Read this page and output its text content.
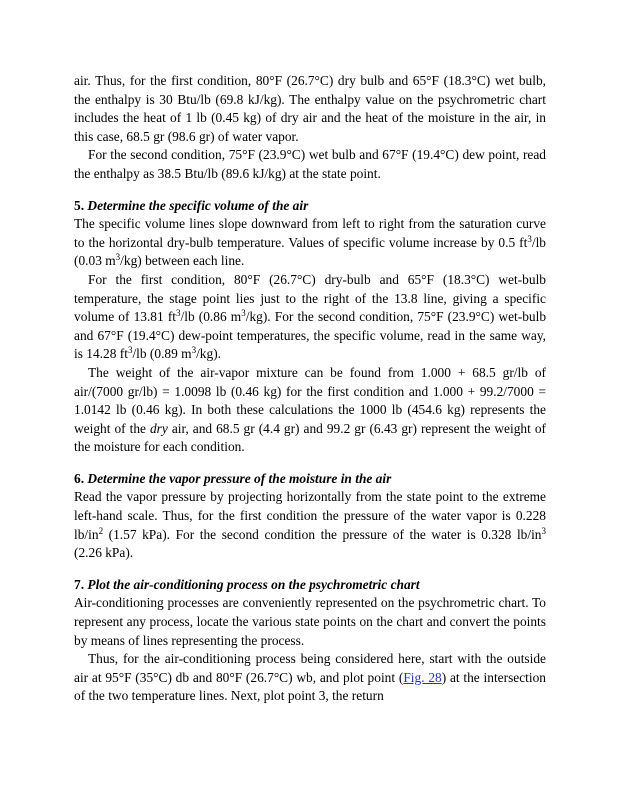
air. Thus, for the first condition, 80°F (26.7°C) dry bulb and 65°F (18.3°C) wet bulb, the enthalpy is 30 Btu/lb (69.8 kJ/kg). The enthalpy value on the psychrometric chart includes the heat of 1 lb (0.45 kg) of dry air and the heat of the moisture in the air, in this case, 68.5 gr (98.6 gr) of water vapor.

For the second condition, 75°F (23.9°C) wet bulb and 67°F (19.4°C) dew point, read the enthalpy as 38.5 Btu/lb (89.6 kJ/kg) at the state point.

5. Determine the specific volume of the air

The specific volume lines slope downward from left to right from the saturation curve to the horizontal dry-bulb temperature. Values of specific volume increase by 0.5 $ft^3/lb$ (0.03 $m^3/kg$) between each line.

For the first condition, 80°F (26.7°C) dry-bulb and 65°F (18.3°C) wet-bulb temperature, the stage point lies just to the right of the 13.8 line, giving a specific volume of 13.81 $ft^3/lb$ (0.86 $m^3/kg$). For the second condition, 75°F (23.9°C) wet-bulb and 67°F (19.4°C) dew-point temperatures, the specific volume, read in the same way, is 14.28 $ft^3/lb$ (0.89 $m^3/kg$).

The weight of the air-vapor mixture can be found from 1.000 + 68.5 gr/lb of air/(7000 gr/lb) = 1.0098 lb (0.46 kg) for the first condition and 1.000 + 99.2/7000 = 1.0142 lb (0.46 kg). In both these calculations the 1000 lb (454.6 kg) represents the weight of the dry air, and 68.5 gr (4.4 gr) and 99.2 gr (6.43 gr) represent the weight of the moisture for each condition.

6. Determine the vapor pressure of the moisture in the air

Read the vapor pressure by projecting horizontally from the state point to the extreme left-hand scale. Thus, for the first condition the pressure of the water vapor is 0.228 $lb/in^2$ (1.57 kPa). For the second condition the pressure of the water is 0.328 $lb/in^3$ (2.26 kPa).

7. Plot the air-conditioning process on the psychrometric chart

Air-conditioning processes are conveniently represented on the psychrometric chart. To represent any process, locate the various state points on the chart and convert the points by means of lines representing the process.

Thus, for the air-conditioning process being considered here, start with the outside air at 95°F (35°C) db and 80°F (26.7°C) wb, and plot point (Fig. 28) at the intersection of the two temperature lines. Next, plot point 3, the return
